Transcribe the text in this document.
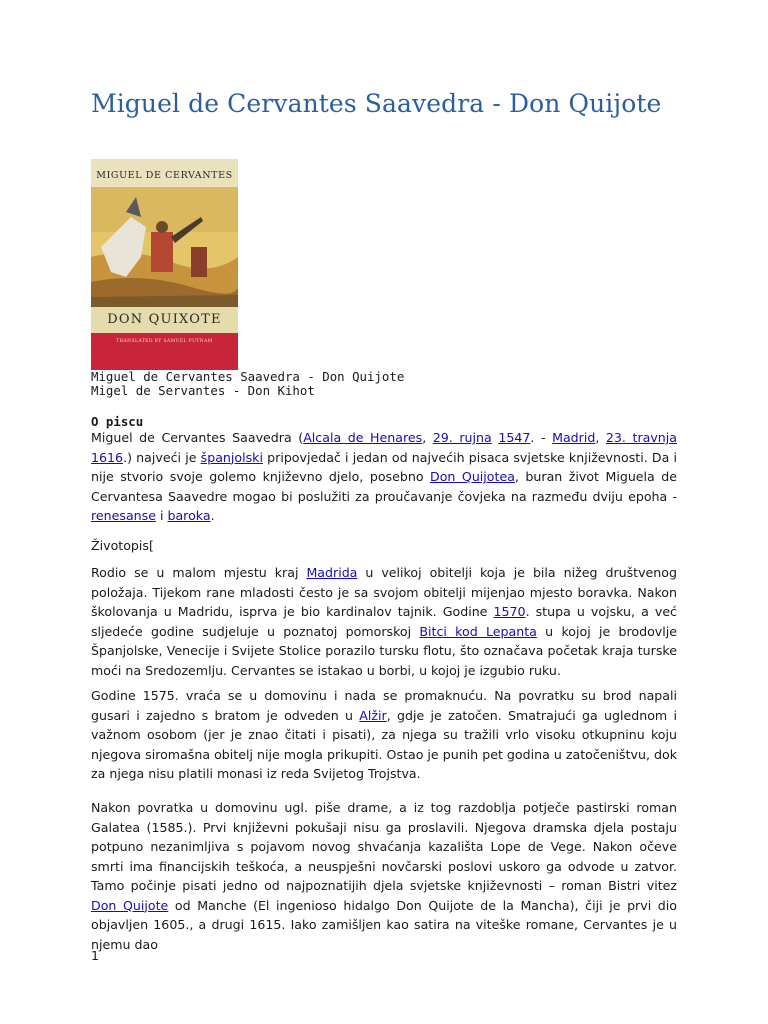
Miguel de Cervantes Saavedra - Don Quijote
MIGUEL DE CERVANTES
DON QUIXOTE
TRANSLATED BY SAMUEL PUTNAM
Miguel de Cervantes Saavedra - Don Quijote
Migel de Servantes - Don Kihot
O piscu

Miguel de Cervantes Saavedra (Alcala de Henares, 29. rujna 1547. - Madrid, 23. travnja 1616.) najveći je španjolski pripovjedač i jedan od najvećih pisaca svjetske književnosti. Da i nije stvorio svoje golemo književno djelo, posebno Don Quijotea, buran život Miguela de Cervantesa Saavedre mogao bi poslužiti za proučavanje čovjeka na razmeđu dviju epoha - renesanse i baroka.

Životopis[

Rodio se u malom mjestu kraj Madrida u velikoj obitelji koja je bila nižeg društvenog položaja. Tijekom rane mladosti često je sa svojom obitelji mijenjao mjesto boravka. Nakon školovanja u Madridu, isprva je bio kardinalov tajnik. Godine 1570. stupa u vojsku, a već sljedeće godine sudjeluje u poznatoj pomorskoj Bitci kod Lepanta u kojoj je brodovlje Španjolske, Venecije i Svijete Stolice porazilo tursku flotu, što označava početak kraja turske moći na Sredozemlju. Cervantes se istakao u borbi, u kojoj je izgubio ruku.

Godine 1575. vraća se u domovinu i nada se promaknuću. Na povratku su brod napali gusari i zajedno s bratom je odveden u Alžir, gdje je zatočen. Smatrajući ga uglednom i važnom osobom (jer je znao čitati i pisati), za njega su tražili vrlo visoku otkupninu koju njegova siromašna obitelj nije mogla prikupiti. Ostao je punih pet godina u zatočeništvu, dok za njega nisu platili monasi iz reda Svijetog Trojstva.

Nakon povratka u domovinu ugl. piše drame, a iz tog razdoblja potječe pastirski roman Galatea (1585.). Prvi književni pokušaji nisu ga proslavili. Njegova dramska djela postaju potpuno nezanimljiva s pojavom novog shvaćanja kazališta Lope de Vege. Nakon očeve smrti ima financijskih teškoća, a neuspješni novčarski poslovi uskoro ga odvode u zatvor. Tamo počinje pisati jedno od najpoznatijih djela svjetske književnosti – roman Bistri vitez Don Quijote od Manche (El ingenioso hidalgo Don Quijote de la Mancha), čiji je prvi dio objavljen 1605., a drugi 1615. Iako zamišljen kao satira na viteške romane, Cervantes je u njemu dao

1
